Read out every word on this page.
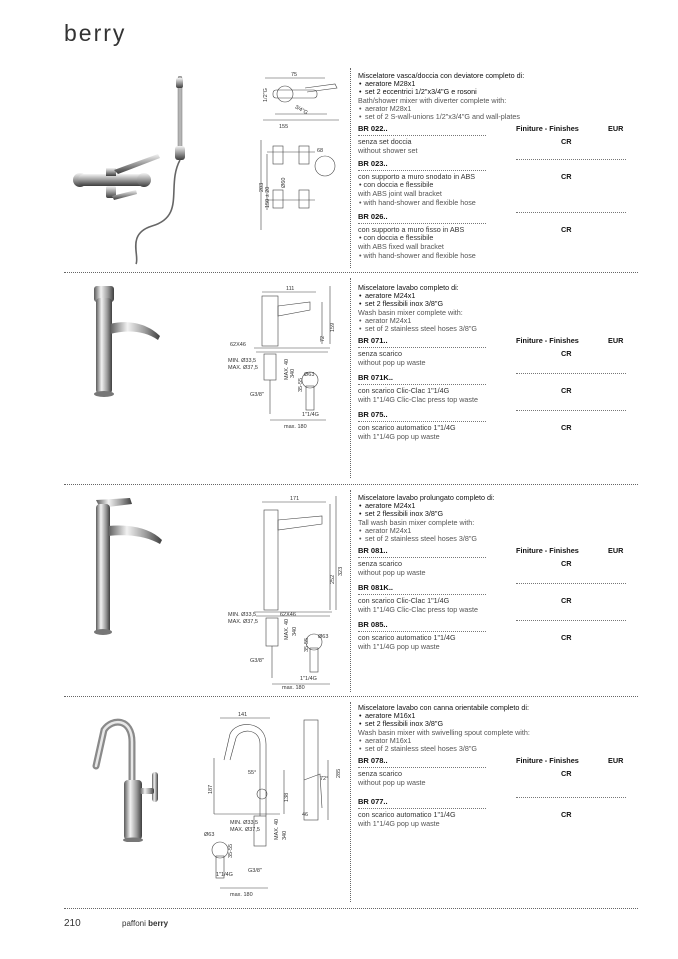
berry
75
1/2"G
68
3/4"G
155
203 150 ± 20
Ø60
Miscelatore vasca/doccia con deviatore completo di:
• aeratore M28x1
• set 2 eccentrici 1/2"x3/4"G e rosoni
Bath/shower mixer with diverter complete with:
• aerator M28x1
• set of 2 S-wall-unions 1/2"x3/4"G and wall-plates
BR 022..	Finiture - Finishes	EUR
senza set doccia
without shower set
CR
BR 023..
con supporto a muro snodato in ABS
• con doccia e flessibile
with ABS joint wall bracket
• with hand-shower and flexible hose
CR
BR 026..
con supporto a muro fisso in ABS
• con doccia e flessibile
with ABS fixed wall bracket
• with hand-shower and flexible hose
CR
111
62X46
72
159
MIN. Ø33,5
MAX. Ø37,5	MAX. 40 340 Ø63
35-55
G3/8"
1"1/4G
max. 180
Miscelatore lavabo completo di:
• aeratore M24x1
• set 2 flessibili inox 3/8"G
Wash basin mixer complete with:
• aerator M24x1
• set of 2 stainless steel hoses 3/8"G
BR 071..	Finiture - Finishes	EUR
senza scarico
without pop up waste
CR
BR 071K..
con scarico Clic-Clac 1"1/4G
with 1"1/4G Clic-Clac press top waste
CR
BR 075..
con scarico automatico 1"1/4G
with 1"1/4G pop up waste
CR
171
323
252
MIN. Ø33,5
MAX. Ø37,5
62X46
MAX. 40 340
Ø63
35-55
G3/8"
1"1/4G
max. 180
Miscelatore lavabo prolungato completo di:
• aeratore M24x1
• set 2 flessibili inox 3/8"G
Tall wash basin mixer complete with:
• aerator M24x1
• set of 2 stainless steel hoses 3/8"G
BR 081..	Finiture - Finishes	EUR
senza scarico
without pop up waste
CR
BR 081K..
con scarico Clic-Clac 1"1/4G
with 1"1/4G Clic-Clac press top waste
CR
BR 085..
con scarico automatico 1"1/4G
with 1"1/4G pop up waste
CR
141
55°
187
138
MIN. Ø33,5
MAX. Ø37,5	MAX. 40 340
Ø63
35-55
1"1/4G
G3/8"
max. 180
72°
285
46
Miscelatore lavabo con canna orientabile completo di:
• aeratore M16x1
• set 2 flessibili inox 3/8"G
Wash basin mixer with swivelling spout complete with:
• aerator M16x1
• set of 2 stainless steel hoses 3/8"G
BR 078..	Finiture - Finishes	EUR
senza scarico
without pop up waste
CR
BR 077..
con scarico automatico 1"1/4G
with 1"1/4G pop up waste
CR
210	paffoni berry
